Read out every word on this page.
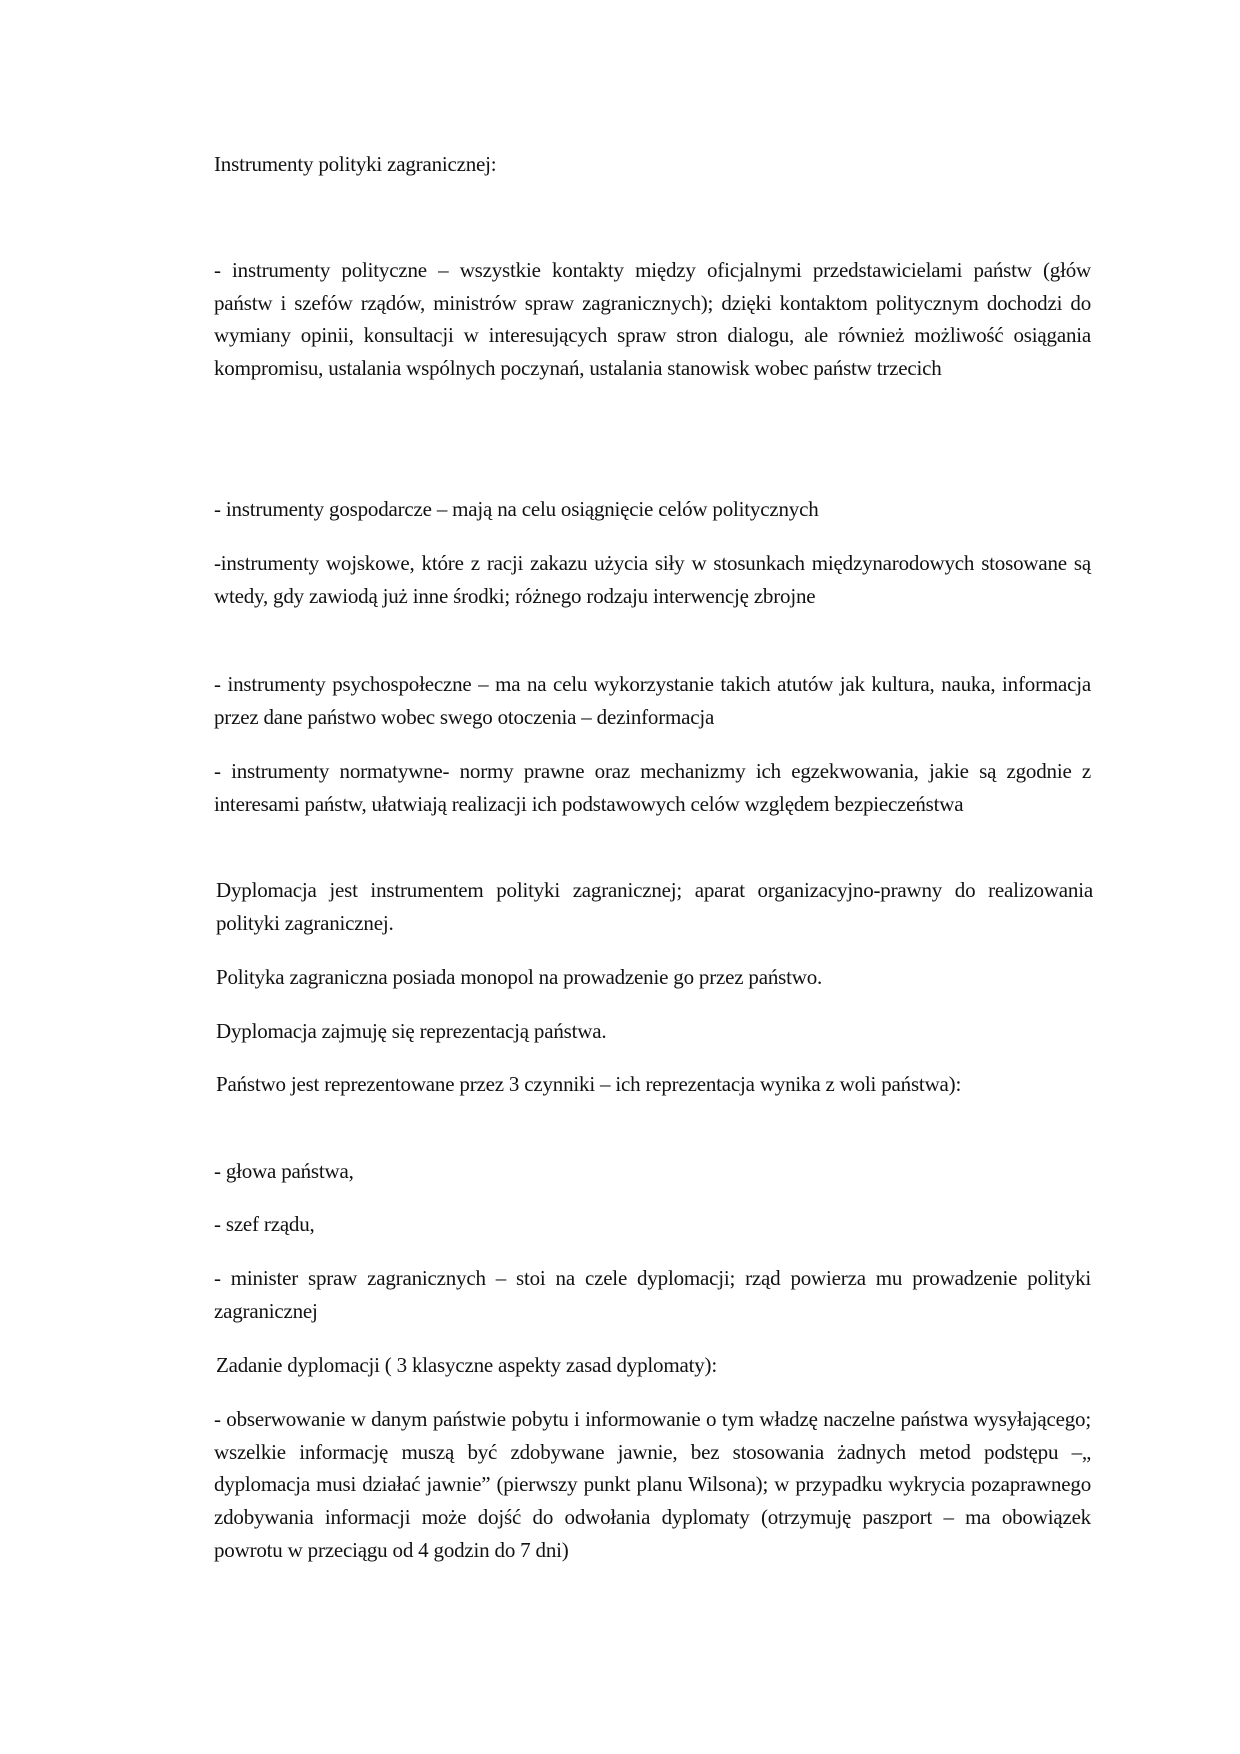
Instrumenty polityki zagranicznej:
- instrumenty polityczne – wszystkie kontakty między oficjalnymi przedstawicielami państw (głów państw i szefów rządów, ministrów spraw zagranicznych); dzięki kontaktom politycznym dochodzi do wymiany opinii, konsultacji w interesujących spraw stron dialogu, ale również możliwość osiągania kompromisu, ustalania wspólnych poczynań, ustalania stanowisk wobec państw trzecich
- instrumenty gospodarcze – mają na celu osiągnięcie celów politycznych
-instrumenty wojskowe, które z racji zakazu użycia siły w stosunkach międzynarodowych stosowane są wtedy, gdy zawiodą już inne środki; różnego rodzaju interwencję zbrojne
- instrumenty psychospołeczne – ma na celu wykorzystanie takich atutów jak kultura, nauka, informacja przez dane państwo wobec swego otoczenia – dezinformacja
- instrumenty normatywne- normy prawne oraz mechanizmy ich egzekwowania, jakie są zgodnie z interesami państw, ułatwiają realizacji ich podstawowych celów względem bezpieczeństwa
Dyplomacja jest instrumentem polityki zagranicznej; aparat organizacyjno-prawny do realizowania polityki zagranicznej.
Polityka zagraniczna posiada monopol na prowadzenie go przez państwo.
Dyplomacja zajmuję się reprezentacją państwa.
Państwo jest reprezentowane przez 3 czynniki – ich reprezentacja wynika z woli państwa):
- głowa państwa,
- szef rządu,
- minister spraw zagranicznych – stoi na czele dyplomacji; rząd powierza mu prowadzenie polityki zagranicznej
Zadanie dyplomacji ( 3 klasyczne aspekty zasad dyplomaty):
- obserwowanie w danym państwie pobytu i informowanie o tym władzę naczelne państwa wysyłającego; wszelkie informację muszą być zdobywane jawnie, bez stosowania żadnych metod podstępu –„ dyplomacja musi działać jawnie” (pierwszy punkt planu Wilsona); w przypadku wykrycia pozaprawnego zdobywania informacji może dojść do odwołania dyplomaty (otrzymuję paszport – ma obowiązek powrotu w przeciągu od 4 godzin do 7 dni)
